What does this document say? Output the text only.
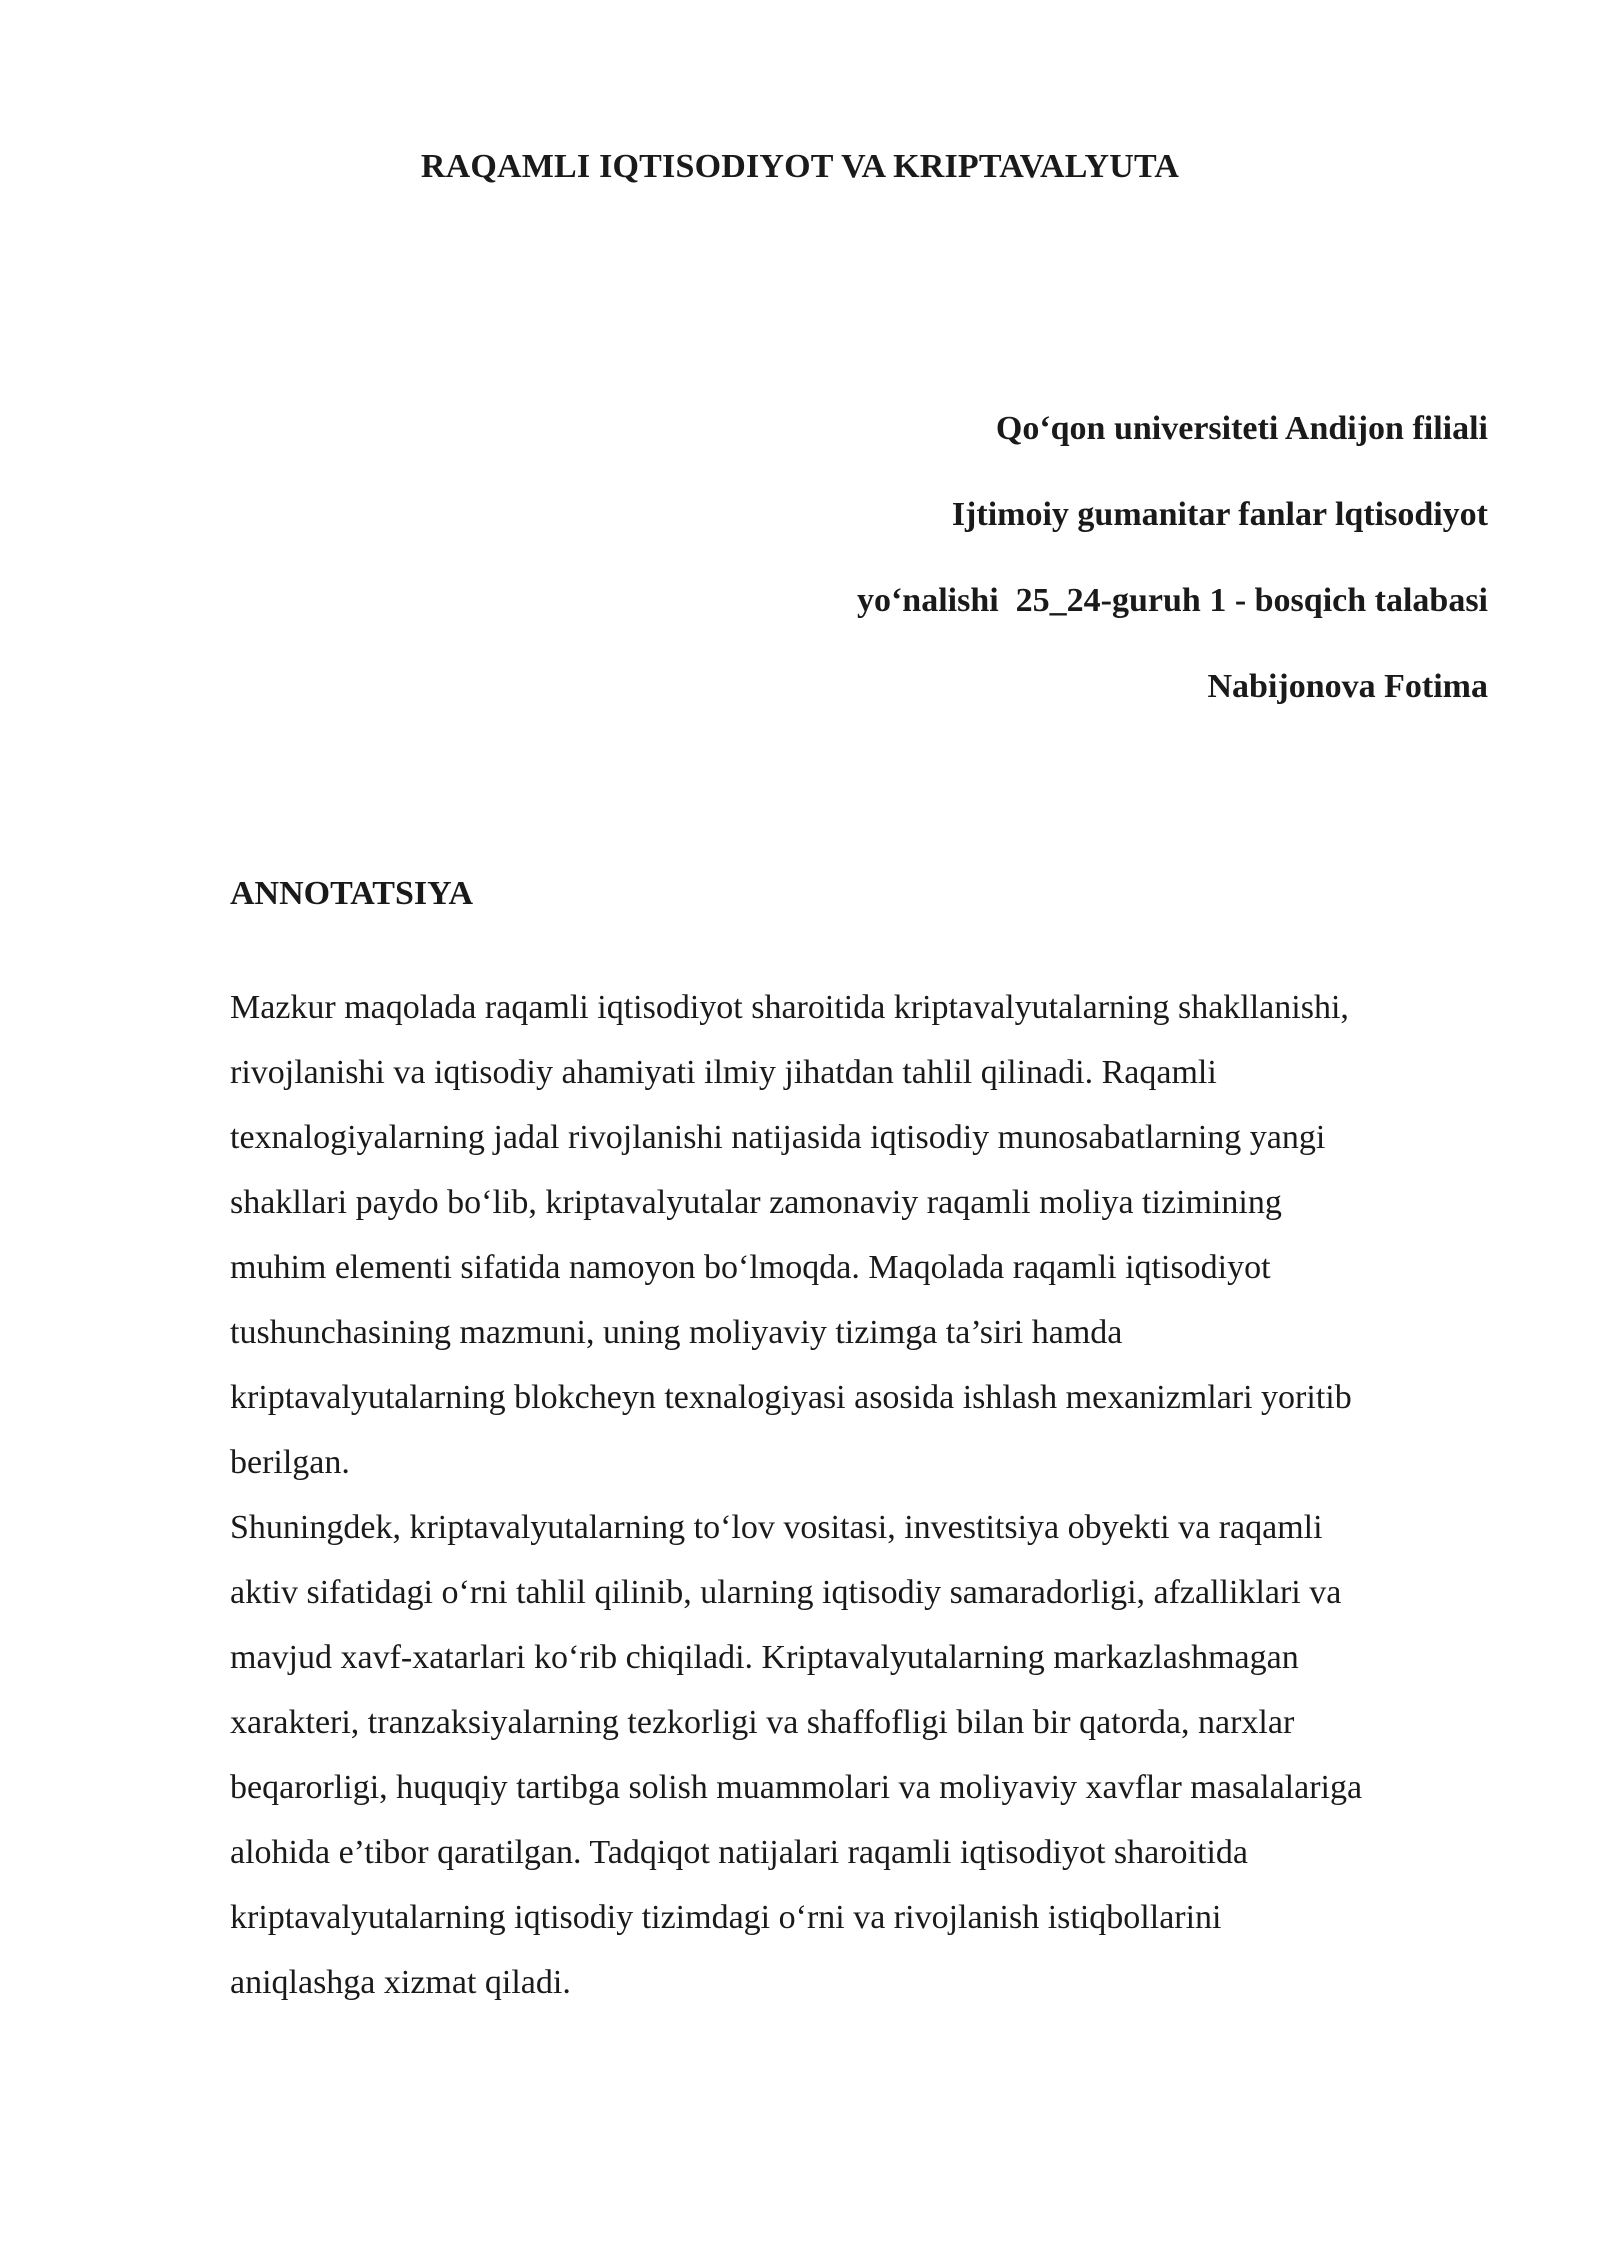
RAQAMLI IQTISODIYOT VA KRIPTAVALYUTA
Qo‘qon universiteti Andijon filiali
Ijtimoiy gumanitar fanlar lqtisodiyot
yo‘nalishi  25_24-guruh 1 - bosqich talabasi
Nabijonova Fotima
ANNOTATSIYA
Mazkur maqolada raqamli iqtisodiyot sharoitida kriptavalyutalarning shakllanishi,
rivojlanishi va iqtisodiy ahamiyati ilmiy jihatdan tahlil qilinadi. Raqamli
texnalogiyalarning jadal rivojlanishi natijasida iqtisodiy munosabatlarning yangi
shakllari paydo bo‘lib, kriptavalyutalar zamonaviy raqamli moliya tizimining
muhim elementi sifatida namoyon bo‘lmoqda. Maqolada raqamli iqtisodiyot
tushunchasining mazmuni, uning moliyaviy tizimga ta’siri hamda
kriptavalyutalarning blokcheyn texnalogiyasi asosida ishlash mexanizmlari yoritib
berilgan.
Shuningdek, kriptavalyutalarning to‘lov vositasi, investitsiya obyekti va raqamli
aktiv sifatidagi o‘rni tahlil qilinib, ularning iqtisodiy samaradorligi, afzalliklari va
mavjud xavf-xatarlari ko‘rib chiqiladi. Kriptavalyutalarning markazlashmagan
xarakteri, tranzaksiyalarning tezkorligi va shaffofligi bilan bir qatorda, narxlar
beqarorligi, huquqiy tartibga solish muammolari va moliyaviy xavflar masalalariga
alohida e’tibor qaratilgan. Tadqiqot natijalari raqamli iqtisodiyot sharoitida
kriptavalyutalarning iqtisodiy tizimdagi o‘rni va rivojlanish istiqbollarini
aniqlashga xizmat qiladi.
